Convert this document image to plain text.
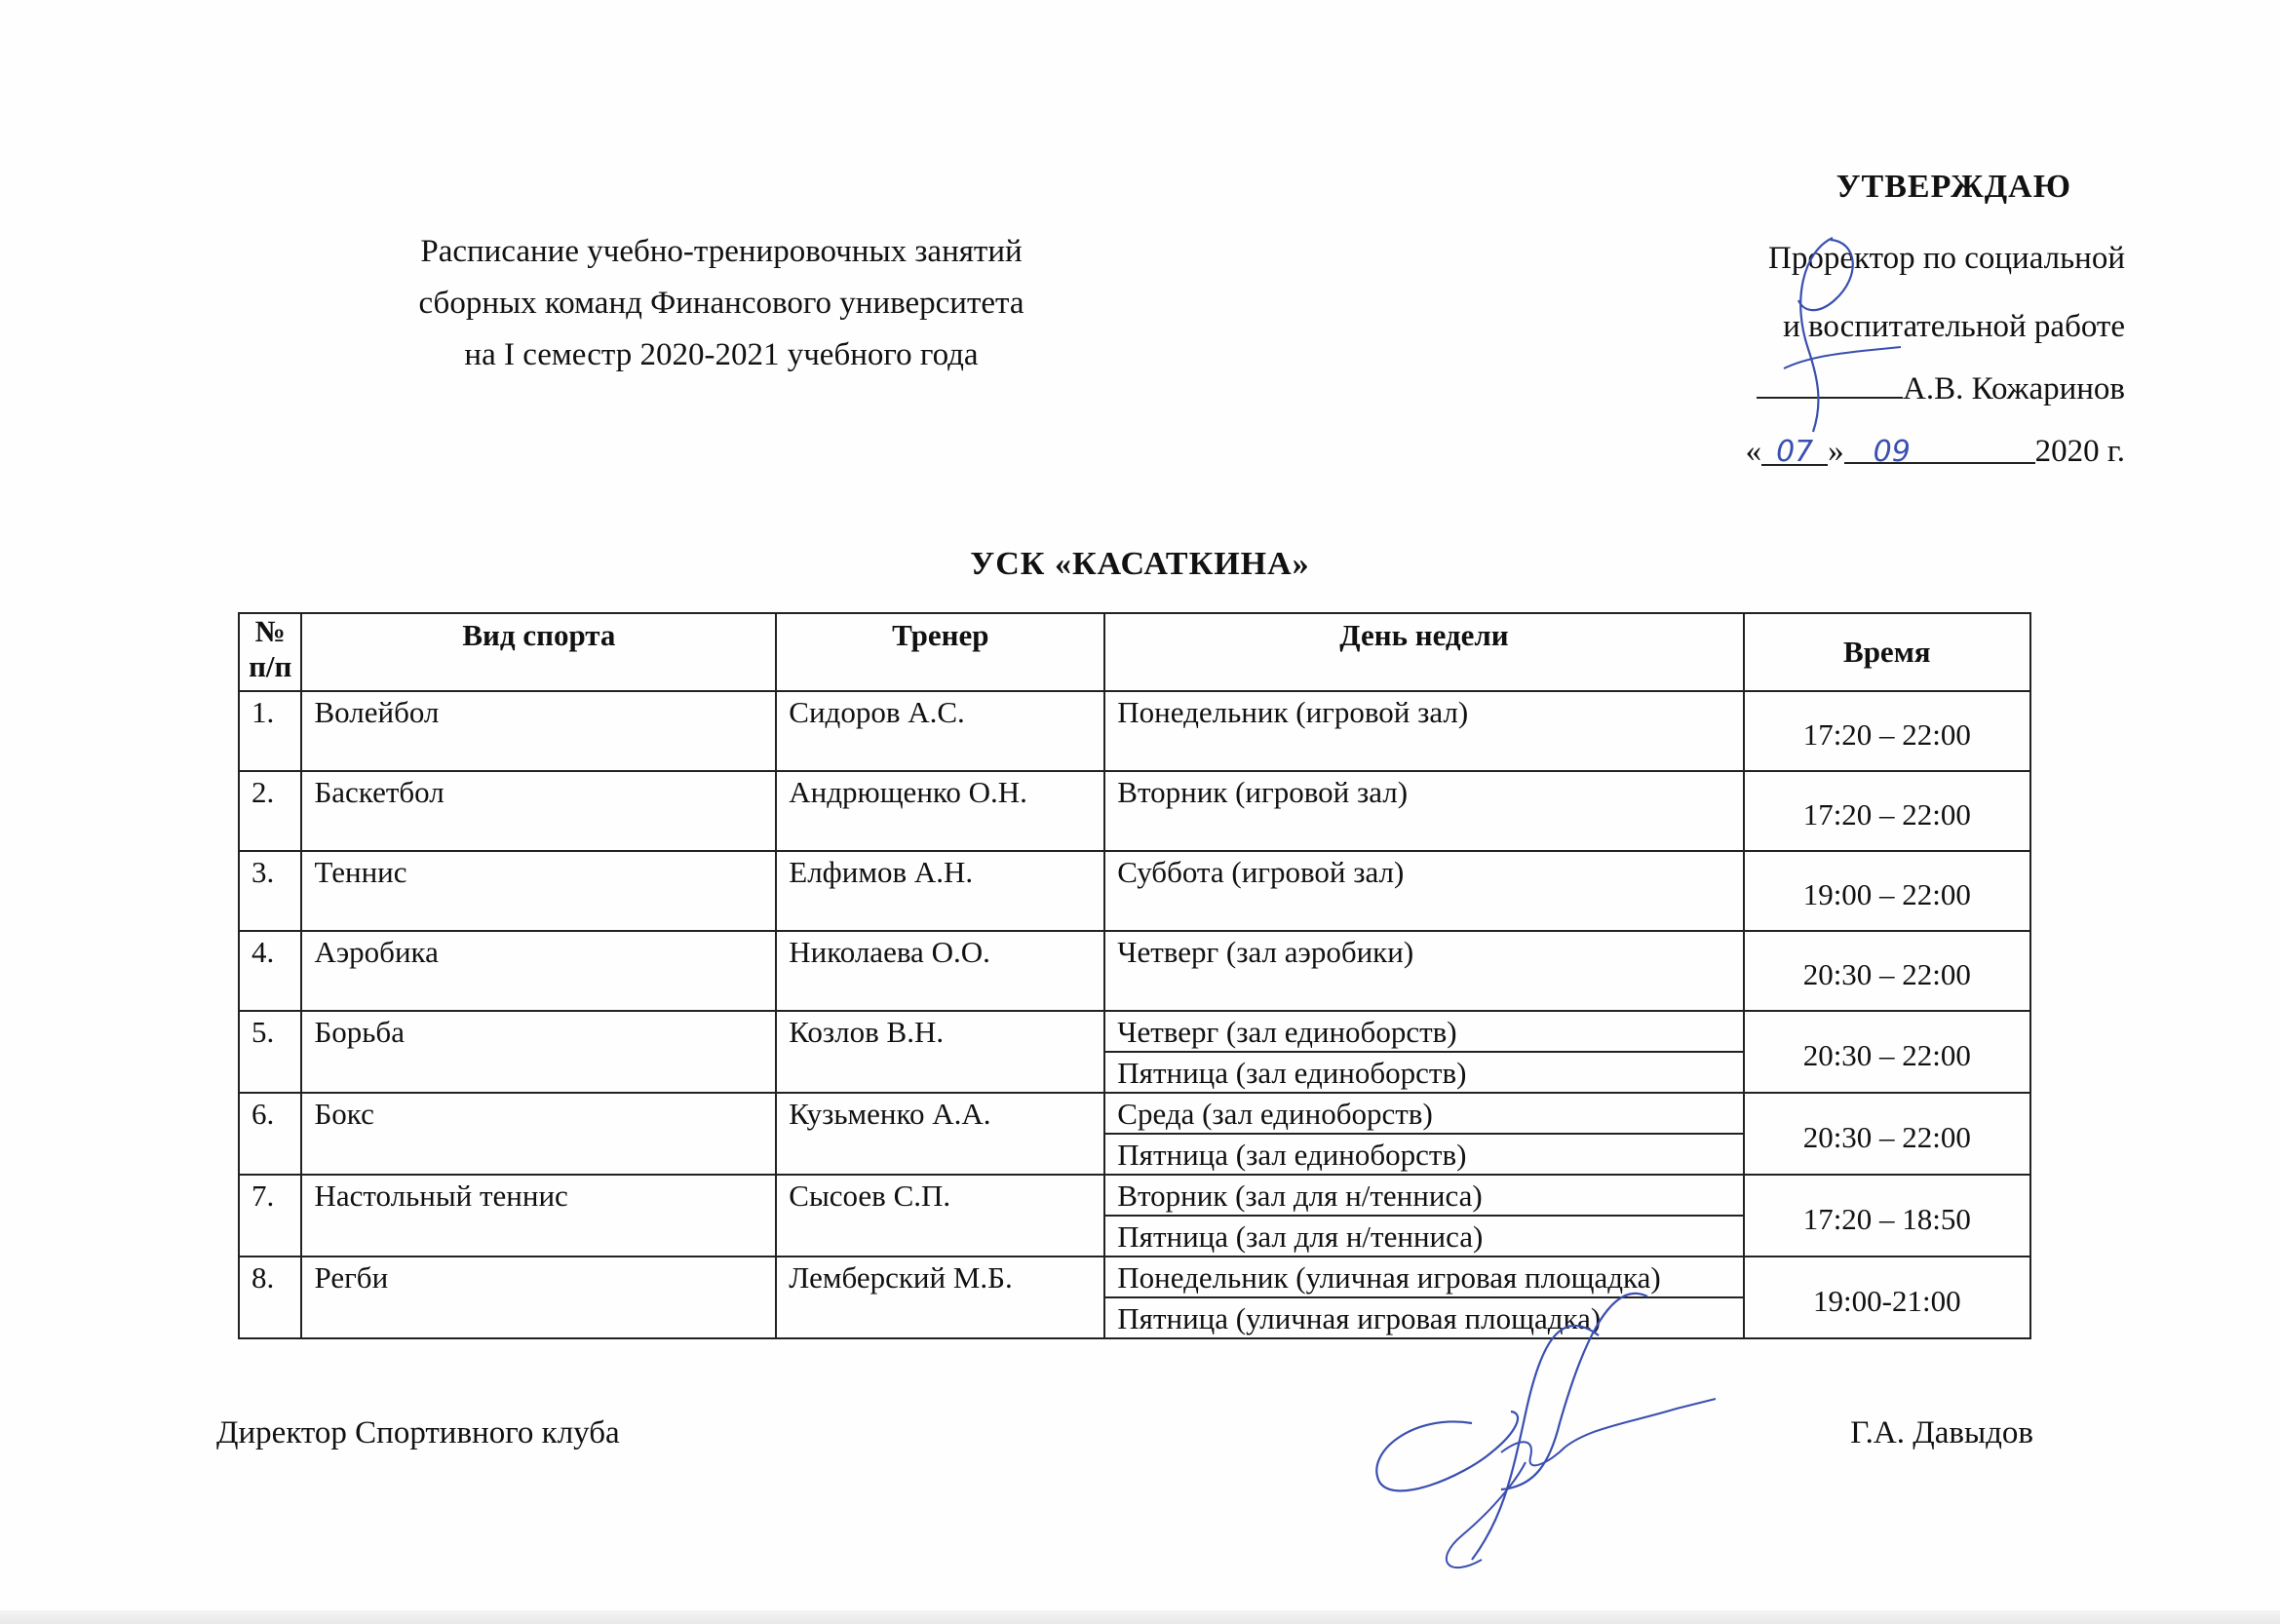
Расписание учебно-тренировочных занятий
сборных команд Финансового университета
на I семестр 2020-2021 учебного года
УТВЕРЖДАЮ
Проректор по социальной
и воспитательной работе
А.В. Кожаринов
« 07 » 09	2020 г.
УСК «КАСАТКИНА»
№ п/п	Вид спорта	Тренер	День недели	Время
1.	Волейбол	Сидоров А.С.	Понедельник (игровой зал)	17:20 – 22:00
2.	Баскетбол	Андрющенко О.Н.	Вторник (игровой зал)	17:20 – 22:00
3.	Теннис	Елфимов А.Н.	Суббота (игровой зал)	19:00 – 22:00
4.	Аэробика	Николаева О.О.	Четверг (зал аэробики)	20:30 – 22:00
5.	Борьба	Козлов В.Н.	Четверг (зал единоборств)	20:30 – 22:00
			Пятница (зал единоборств)	
6.	Бокс	Кузьменко А.А.	Среда (зал единоборств)	20:30 – 22:00
			Пятница (зал единоборств)	
7.	Настольный теннис	Сысоев С.П.	Вторник (зал для н/тенниса)	17:20 – 18:50
			Пятница (зал для н/тенниса)	
8.	Регби	Лемберский М.Б.	Понедельник (уличная игровая площадка)	19:00-21:00
			Пятница (уличная игровая площадка)	
Директор Спортивного клуба	Г.А. Давыдов
